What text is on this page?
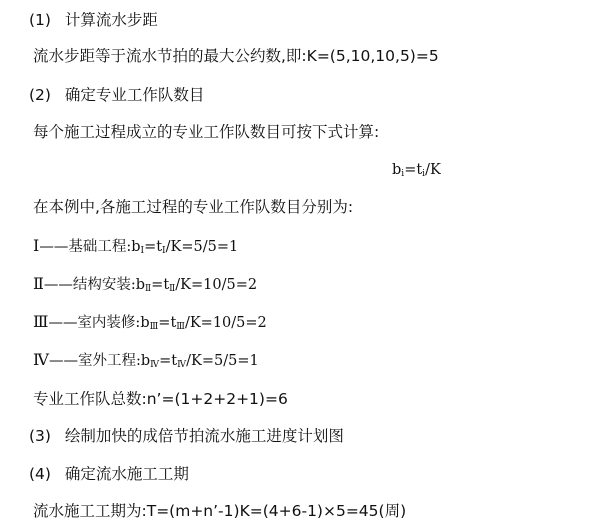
(1) 计算流水步距
流水步距等于流水节拍的最大公约数,即:K=(5,10,10,5)=5
(2) 确定专业工作队数目
每个施工过程成立的专业工作队数目可按下式计算:
$b_i=t_i/K$
在本例中,各施工过程的专业工作队数目分别为:
Ⅰ——基础工程$:b_Ⅰ=t_Ⅰ/K=5/5=1$
Ⅱ——结构安装$:b_Ⅱ=t_Ⅱ/K=10/5=2$
Ⅲ——室内装修$:b_Ⅲ=t_Ⅲ/K=10/5=2$
Ⅳ——室外工程$:b_Ⅳ=t_Ⅳ/K=5/5=1$
专业工作队总数:n’=(1+2+2+1)=6
(3) 绘制加快的成倍节拍流水施工进度计划图
(4) 确定流水施工工期
流水施工工期为:T=(m+n’-1)K=(4+6-1)×5=45(周)
